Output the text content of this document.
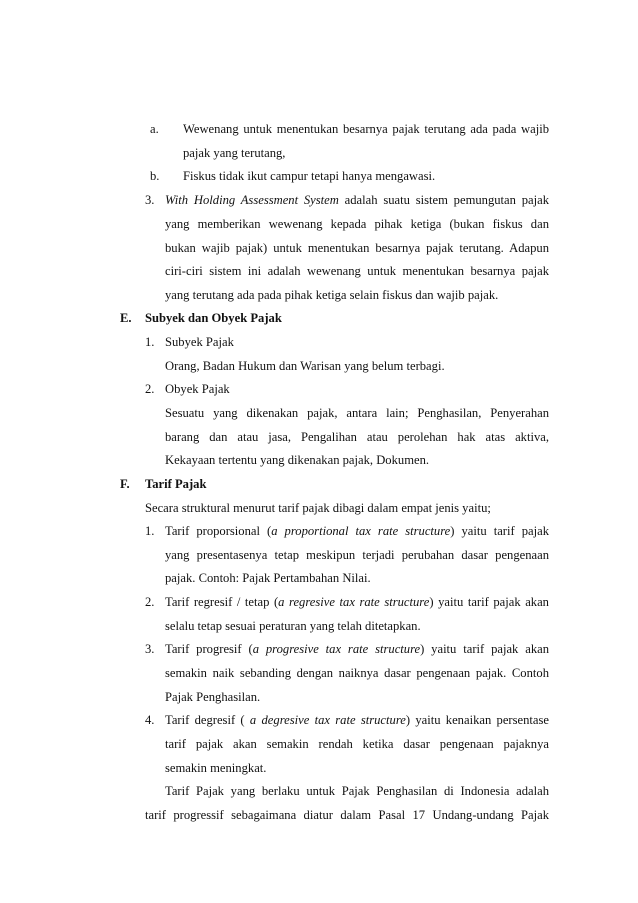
a. Wewenang untuk menentukan besarnya pajak terutang ada pada wajib
pajak yang terutang,
b. Fiskus tidak ikut campur tetapi hanya mengawasi.
3. With Holding Assessment System adalah suatu sistem pemungutan pajak
yang memberikan wewenang kepada pihak ketiga (bukan fiskus dan
bukan wajib pajak) untuk menentukan besarnya pajak terutang. Adapun
ciri-ciri sistem ini adalah wewenang untuk menentukan besarnya pajak
yang terutang ada pada pihak ketiga selain fiskus dan wajib pajak.
E. Subyek dan Obyek Pajak
1. Subyek Pajak
Orang, Badan Hukum dan Warisan yang belum terbagi.
2. Obyek Pajak
Sesuatu yang dikenakan pajak, antara lain; Penghasilan, Penyerahan
barang dan atau jasa, Pengalihan atau perolehan hak atas aktiva,
Kekayaan tertentu yang dikenakan pajak, Dokumen.
F. Tarif Pajak
Secara struktural menurut tarif pajak dibagi dalam empat jenis yaitu;
1. Tarif proporsional (a proportional tax rate structure) yaitu tarif pajak
yang presentasenya tetap meskipun terjadi perubahan dasar pengenaan
pajak. Contoh: Pajak Pertambahan Nilai.
2. Tarif regresif / tetap (a regresive tax rate structure) yaitu tarif pajak akan
selalu tetap sesuai peraturan yang telah ditetapkan.
3. Tarif progresif (a progresive tax rate structure) yaitu tarif pajak akan
semakin naik sebanding dengan naiknya dasar pengenaan pajak. Contoh
Pajak Penghasilan.
4. Tarif degresif ( a degresive tax rate structure) yaitu kenaikan persentase
tarif pajak akan semakin rendah ketika dasar pengenaan pajaknya
semakin meningkat.
Tarif Pajak yang berlaku untuk Pajak Penghasilan di Indonesia adalah
tarif progressif sebagaimana diatur dalam Pasal 17 Undang-undang Pajak
